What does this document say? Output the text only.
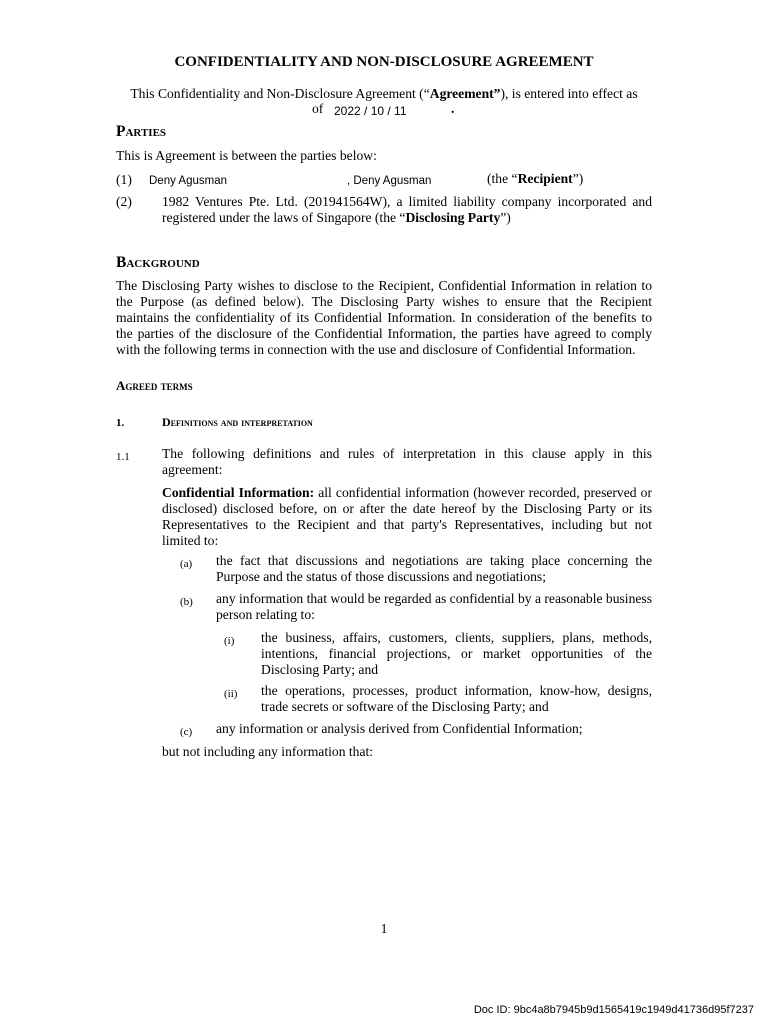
CONFIDENTIALITY AND NON-DISCLOSURE AGREEMENT
This Confidentiality and Non-Disclosure Agreement (“Agreement”), is entered into effect as
of 2022 / 10 / 11	.
Parties
This is Agreement is between the parties below:
(1) Deny Agusman	, Deny Agusman	(the “Recipient”)
(2) 1982 Ventures Pte. Ltd. (201941564W), a limited liability company incorporated and registered under the laws of Singapore (the “Disclosing Party”)
Background
The Disclosing Party wishes to disclose to the Recipient, Confidential Information in relation to the Purpose (as defined below). The Disclosing Party wishes to ensure that the Recipient maintains the confidentiality of its Confidential Information. In consideration of the benefits to the parties of the disclosure of the Confidential Information, the parties have agreed to comply with the following terms in connection with the use and disclosure of Confidential Information.
Agreed terms
1.	Definitions and interpretation
1.1 The following definitions and rules of interpretation in this clause apply in this agreement:
Confidential Information: all confidential information (however recorded, preserved or disclosed) disclosed before, on or after the date hereof by the Disclosing Party or its Representatives to the Recipient and that party's Representatives, including but not limited to:
(a) the fact that discussions and negotiations are taking place concerning the Purpose and the status of those discussions and negotiations;
(b) any information that would be regarded as confidential by a reasonable business person relating to:
(i) the business, affairs, customers, clients, suppliers, plans, methods, intentions, financial projections, or market opportunities of the Disclosing Party; and
(ii) the operations, processes, product information, know-how, designs, trade secrets or software of the Disclosing Party; and
(c) any information or analysis derived from Confidential Information;
but not including any information that:
1
Doc ID: 9bc4a8b7945b9d1565419c1949d41736d95f7237
